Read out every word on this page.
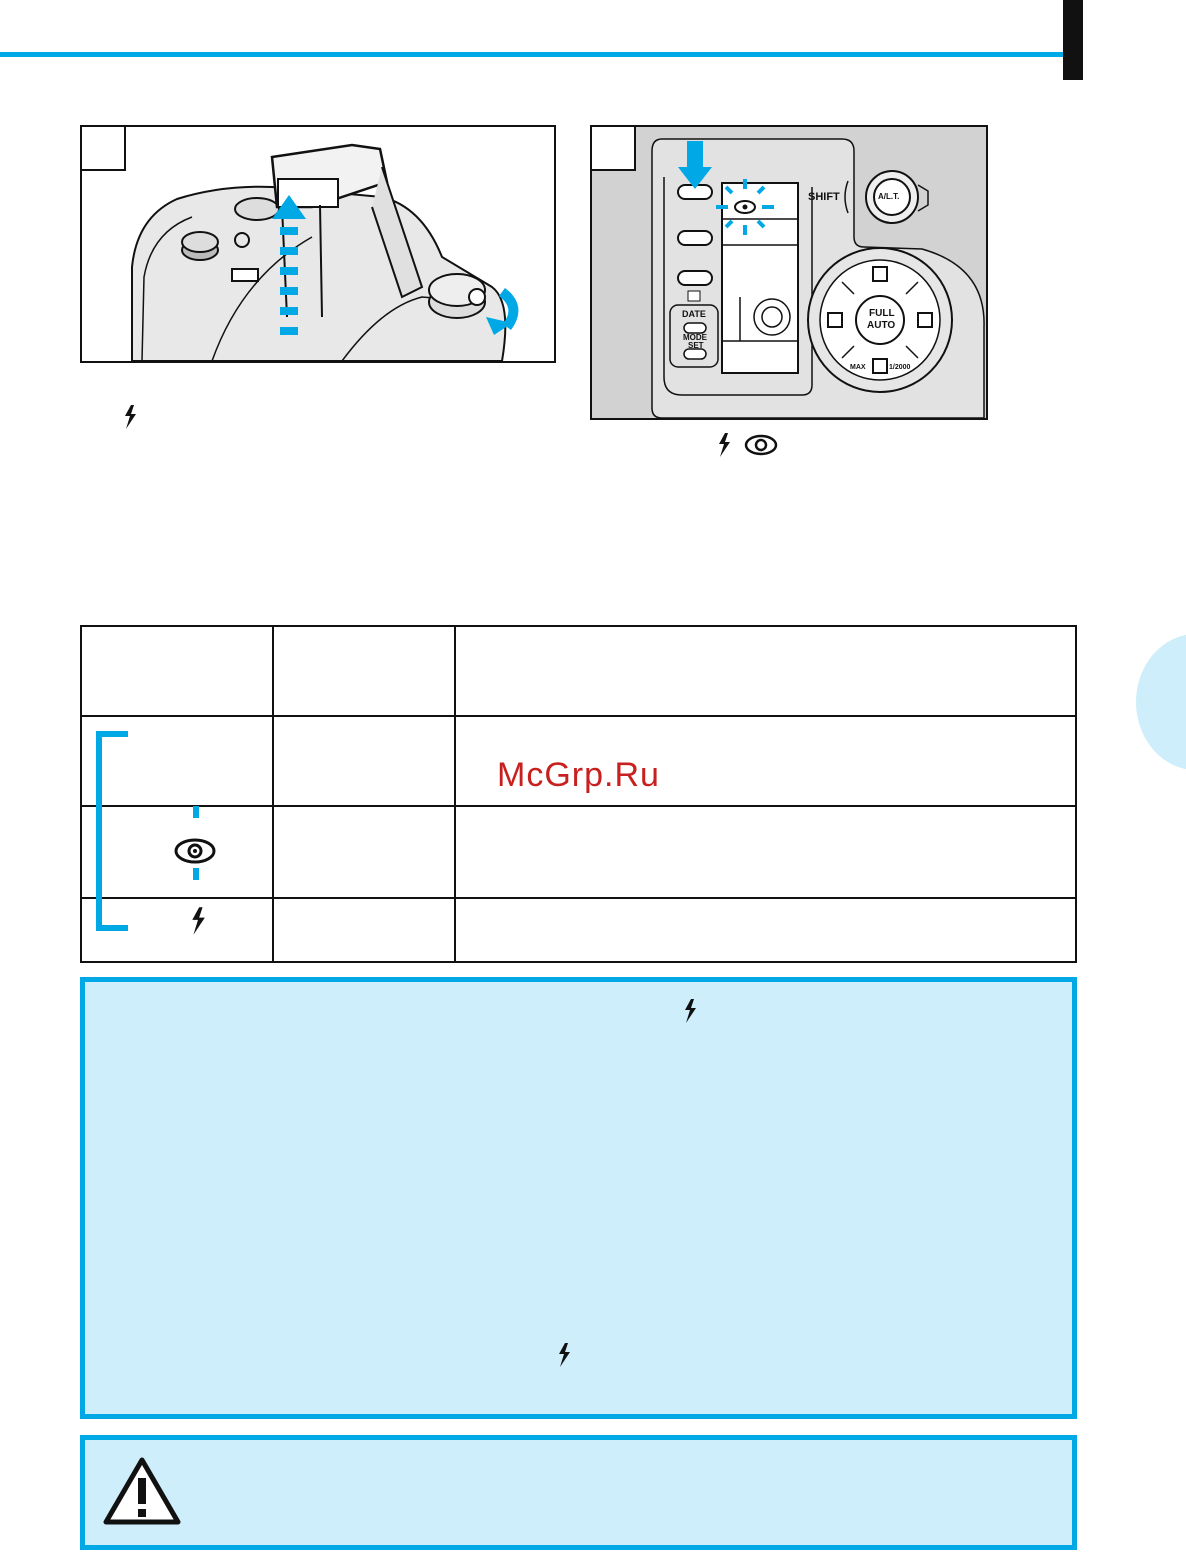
SHIFT	A/L.T.
DATE
MODE
SET
FULL
AUTO
MAX	1/2000

McGrp.Ru
